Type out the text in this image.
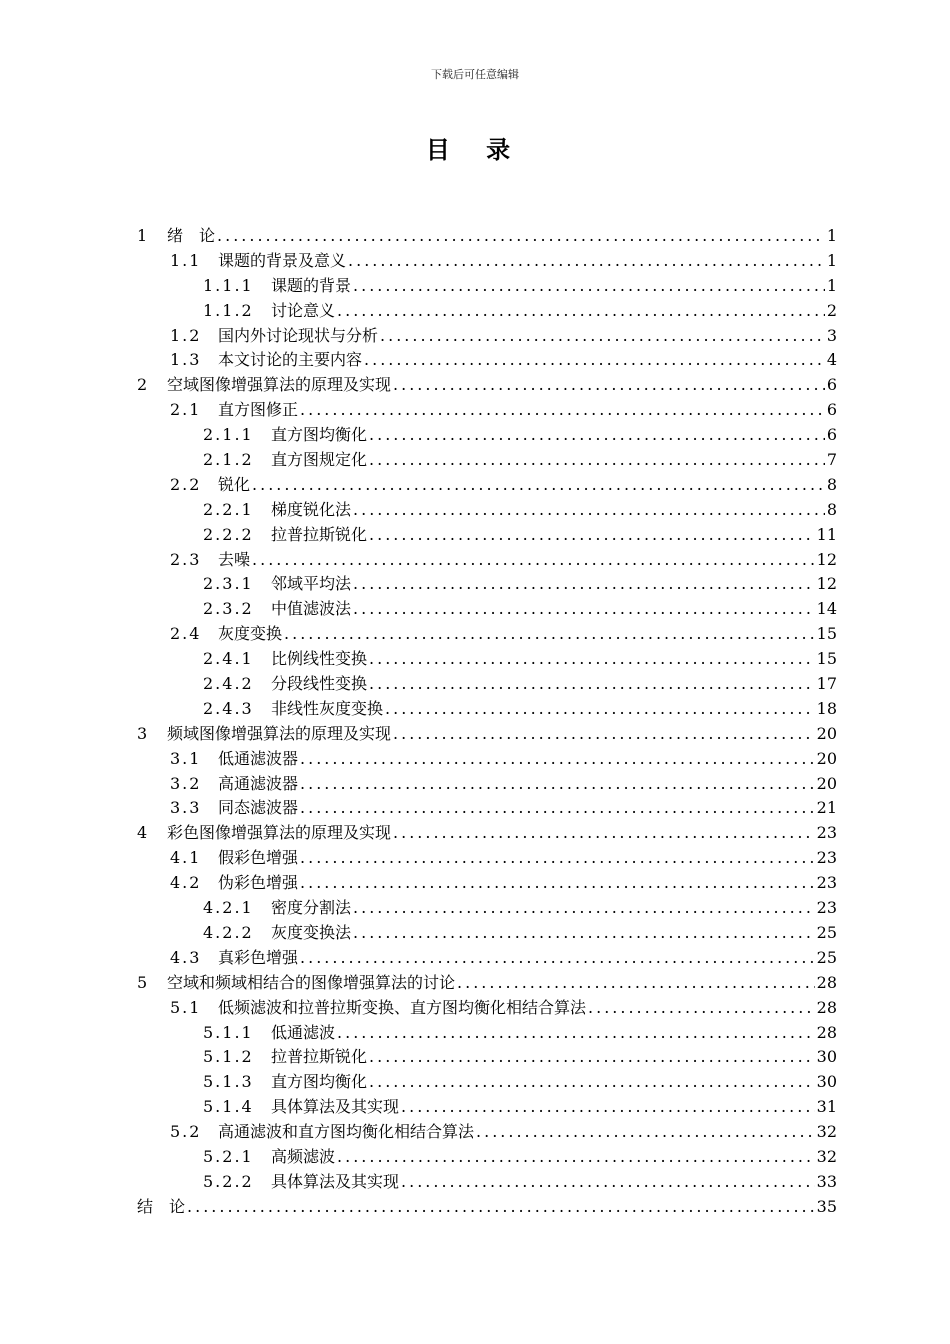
下载后可任意编辑
目 录
1	绪　论 .....	1
1.1	课题的背景及意义 .....	1
1.1.1	课题的背景 .....	1
1.1.2	讨论意义 .....	2
1.2	国内外讨论现状与分析 .....	3
1.3	本文讨论的主要内容 .....	4
2	空域图像增强算法的原理及实现 .....	6
2.1	直方图修正 .....	6
2.1.1	直方图均衡化 .....	6
2.1.2	直方图规定化 .....	7
2.2	锐化 .....	8
2.2.1	梯度锐化法 .....	8
2.2.2	拉普拉斯锐化 .....	11
2.3	去噪 .....	12
2.3.1	邻域平均法 .....	12
2.3.2	中值滤波法 .....	14
2.4	灰度变换 .....	15
2.4.1	比例线性变换 .....	15
2.4.2	分段线性变换 .....	17
2.4.3	非线性灰度变换 .....	18
3	频域图像增强算法的原理及实现 .....	20
3.1	低通滤波器 .....	20
3.2	高通滤波器 .....	20
3.3	同态滤波器 .....	21
4	彩色图像增强算法的原理及实现 .....	23
4.1	假彩色增强 .....	23
4.2	伪彩色增强 .....	23
4.2.1	密度分割法 .....	23
4.2.2	灰度变换法 .....	25
4.3	真彩色增强 .....	25
5	空域和频域相结合的图像增强算法的讨论 .....	28
5.1	低频滤波和拉普拉斯变换、直方图均衡化相结合算法 .....	28
5.1.1	低通滤波 .....	28
5.1.2	拉普拉斯锐化 .....	30
5.1.3	直方图均衡化 .....	30
5.1.4	具体算法及其实现 .....	31
5.2	高通滤波和直方图均衡化相结合算法 .....	32
5.2.1	高频滤波 .....	32
5.2.2	具体算法及其实现 .....	33
结　论 .....	35
